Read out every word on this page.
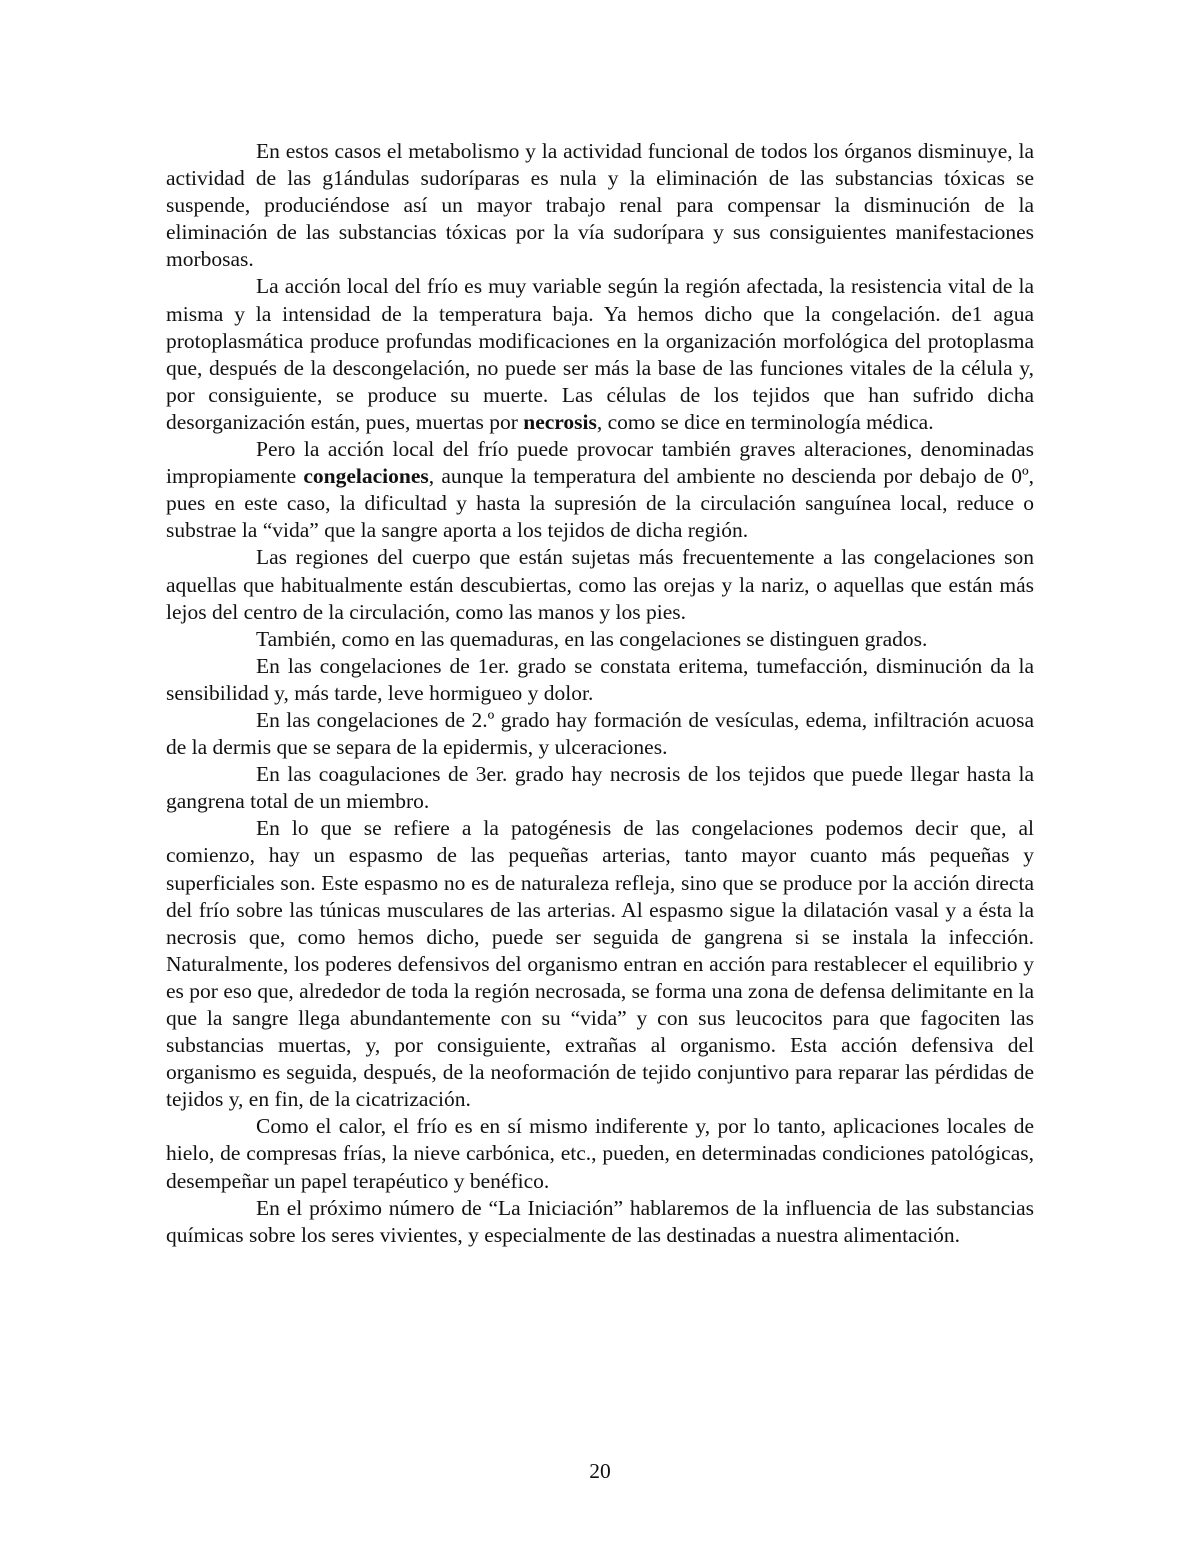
En estos casos el metabolismo y la actividad funcional de todos los órganos disminuye, la actividad de las g1ándulas sudoríparas es nula y la eliminación de las substancias tóxicas se suspende, produciéndose así un mayor trabajo renal para compensar la disminución de la eliminación de las substancias tóxicas por la vía sudorípara y sus consiguientes manifestaciones morbosas.

La acción local del frío es muy variable según la región afectada, la resistencia vital de la misma y la intensidad de la temperatura baja. Ya hemos dicho que la congelación. de1 agua protoplasmática produce profundas modificaciones en la organización morfológica del protoplasma que, después de la descongelación, no puede ser más la base de las funciones vitales de la célula y, por consiguiente, se produce su muerte. Las células de los tejidos que han sufrido dicha desorganización están, pues, muertas por necrosis, como se dice en terminología médica.

Pero la acción local del frío puede provocar también graves alteraciones, denominadas impropiamente congelaciones, aunque la temperatura del ambiente no descienda por debajo de 0º, pues en este caso, la dificultad y hasta la supresión de la circulación sanguínea local, reduce o substrae la “vida” que la sangre aporta a los tejidos de dicha región.

Las regiones del cuerpo que están sujetas más frecuentemente a las congelaciones son aquellas que habitualmente están descubiertas, como las orejas y la nariz, o aquellas que están más lejos del centro de la circulación, como las manos y los pies.

También, como en las quemaduras, en las congelaciones se distinguen grados.

En las congelaciones de 1er. grado se constata eritema, tumefacción, disminución da la sensibilidad y, más tarde, leve hormigueo y dolor.

En las congelaciones de 2.º grado hay formación de vesículas, edema, infiltración acuosa de la dermis que se separa de la epidermis, y ulceraciones.

En las coagulaciones de 3er. grado hay necrosis de los tejidos que puede llegar hasta la gangrena total de un miembro.

En lo que se refiere a la patogénesis de las congelaciones podemos decir que, al comienzo, hay un espasmo de las pequeñas arterias, tanto mayor cuanto más pequeñas y superficiales son. Este espasmo no es de naturaleza refleja, sino que se produce por la acción directa del frío sobre las túnicas musculares de las arterias. Al espasmo sigue la dilatación vasal y a ésta la necrosis que, como hemos dicho, puede ser seguida de gangrena si se instala la infección. Naturalmente, los poderes defensivos del organismo entran en acción para restablecer el equilibrio y es por eso que, alrededor de toda la región necrosada, se forma una zona de defensa delimitante en la que la sangre llega abundantemente con su “vida” y con sus leucocitos para que fagociten las substancias muertas, y, por consiguiente, extrañas al organismo. Esta acción defensiva del organismo es seguida, después, de la neoformación de tejido conjuntivo para reparar las pérdidas de tejidos y, en fin, de la cicatrización.

Como el calor, el frío es en sí mismo indiferente y, por lo tanto, aplicaciones locales de hielo, de compresas frías, la nieve carbónica, etc., pueden, en determinadas condiciones patológicas, desempeñar un papel terapéutico y benéfico.

En el próximo número de “La Iniciación” hablaremos de la influencia de las substancias químicas sobre los seres vivientes, y especialmente de las destinadas a nuestra alimentación.

20
